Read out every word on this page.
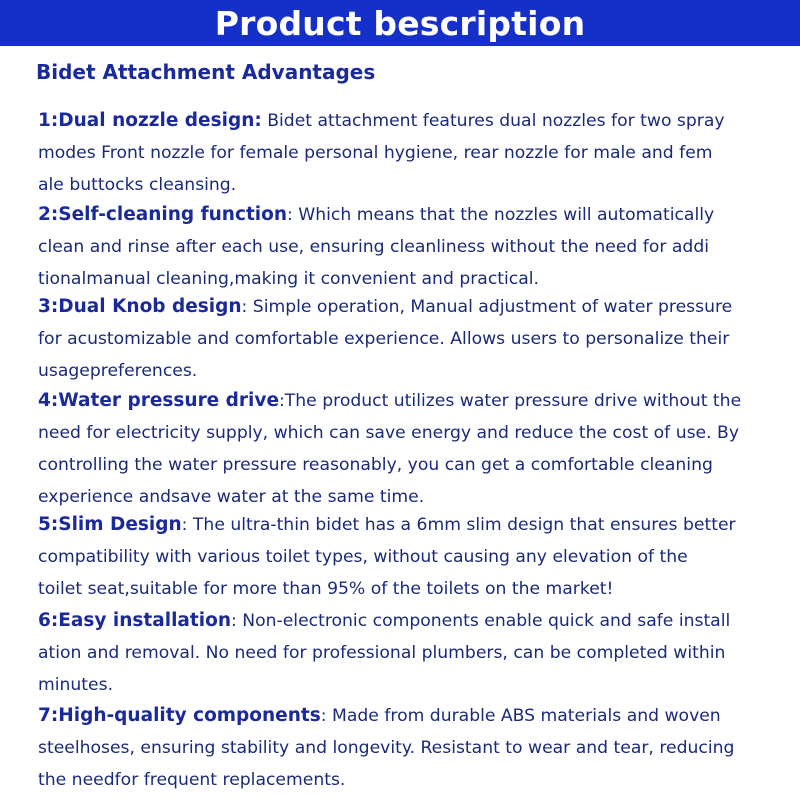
Product bescription
Bidet Attachment Advantages
1:Dual nozzle design: Bidet attachment features dual nozzles for two spray
modes Front nozzle for female personal hygiene, rear nozzle for male and fem
ale buttocks cleansing.
2:Self-cleaning function: Which means that the nozzles will automatically
clean and rinse after each use, ensuring cleanliness without the need for addi
tionalmanual cleaning,making it convenient and practical.
3:Dual Knob design: Simple operation, Manual adjustment of water pressure
for acustomizable and comfortable experience. Allows users to personalize their
usagepreferences.
4:Water pressure drive:The product utilizes water pressure drive without the
need for electricity supply, which can save energy and reduce the cost of use. By
controlling the water pressure reasonably, you can get a comfortable cleaning
experience andsave water at the same time.
5:Slim Design: The ultra-thin bidet has a 6mm slim design that ensures better
compatibility with various toilet types, without causing any elevation of the
toilet seat,suitable for more than 95% of the toilets on the market!
6:Easy installation: Non-electronic components enable quick and safe install
ation and removal. No need for professional plumbers, can be completed within
minutes.
7:High-quality components: Made from durable ABS materials and woven
steelhoses, ensuring stability and longevity. Resistant to wear and tear, reducing
the needfor frequent replacements.
